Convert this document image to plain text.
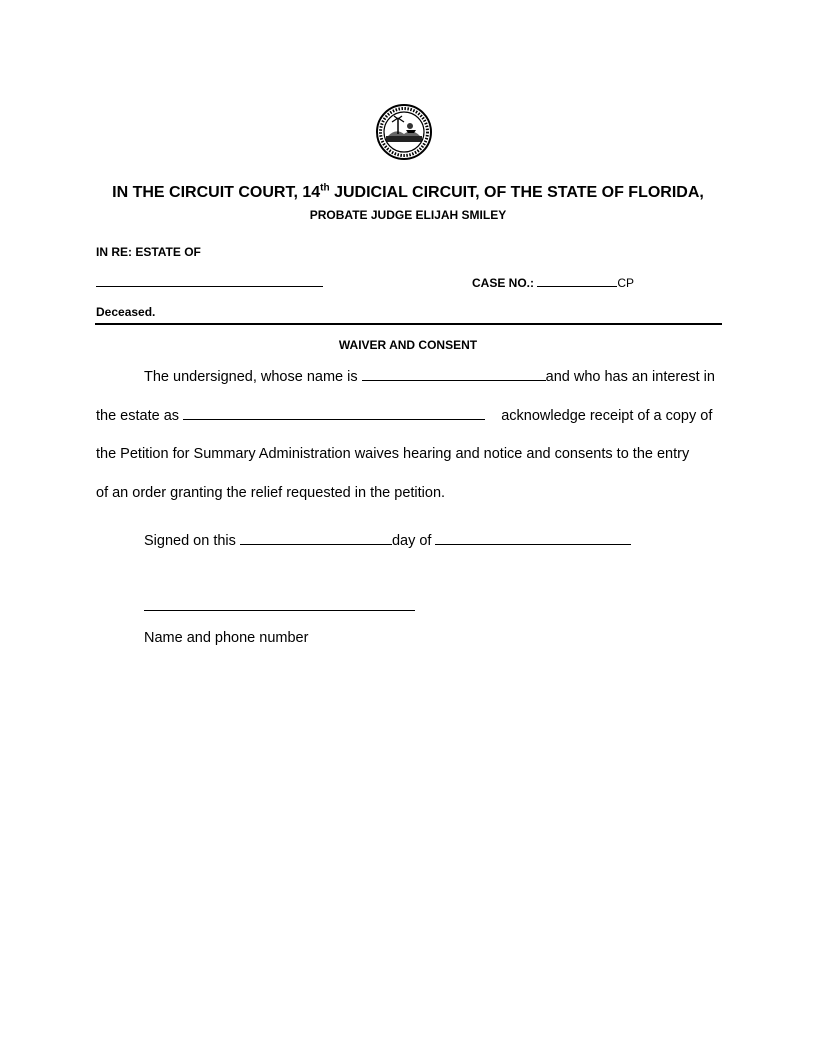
IN THE CIRCUIT COURT, 14th JUDICIAL CIRCUIT, OF THE STATE OF FLORIDA,
PROBATE JUDGE ELIJAH SMILEY
IN RE: ESTATE OF
CASE NO.:	CP
Deceased.
WAIVER AND CONSENT
The undersigned, whose name is	and who has an interest in
the estate as	acknowledge receipt of a copy of
the Petition for Summary Administration waives hearing and notice and consents to the entry
of an order granting the relief requested in the petition.
Signed on this	day of
Name and phone number
